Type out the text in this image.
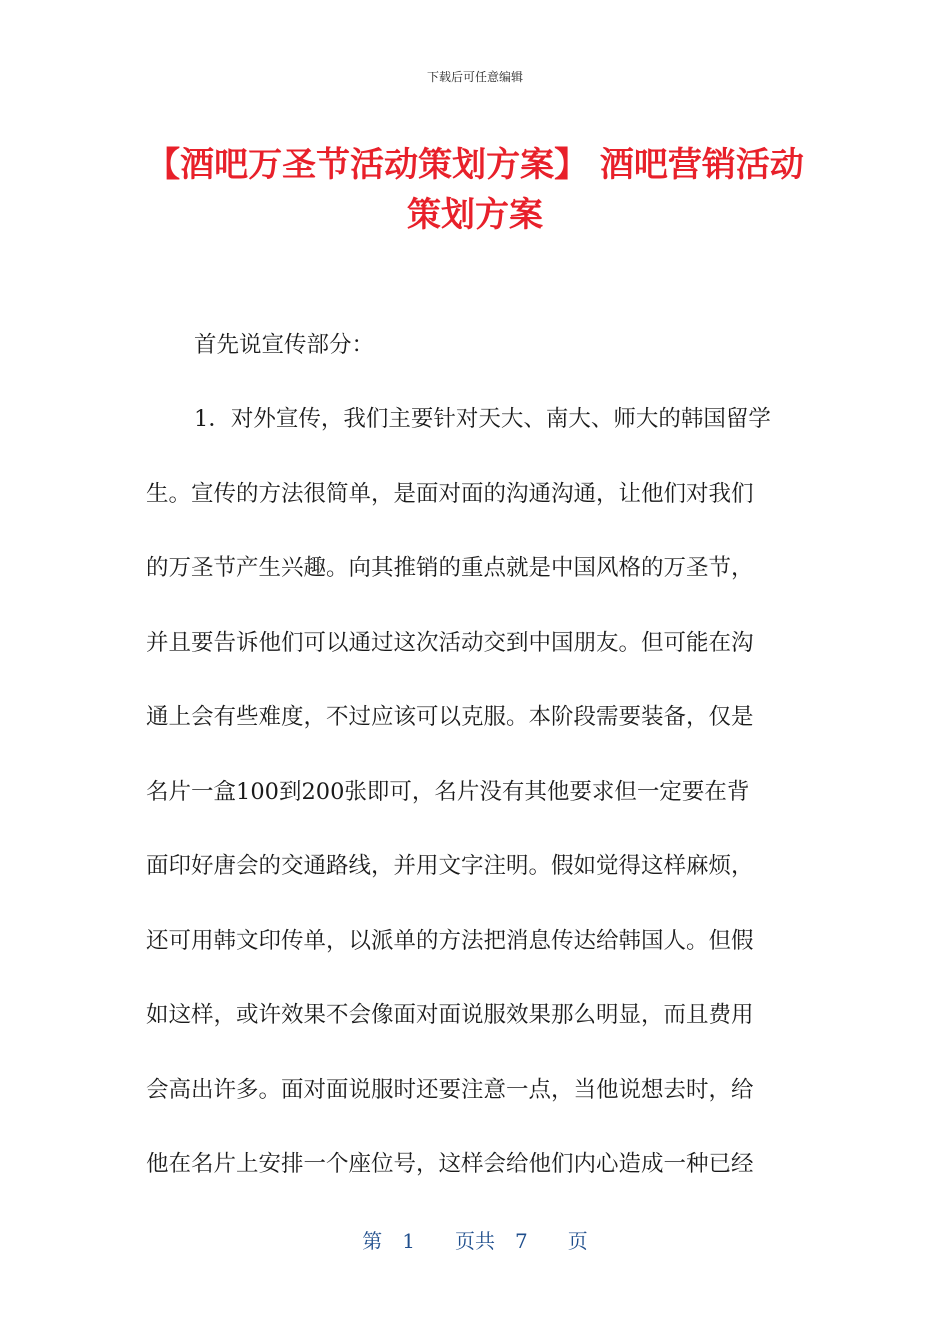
下载后可任意编辑
【酒吧万圣节活动策划方案】 酒吧营销活动策划方案
首先说宣传部分：
1．对外宣传，我们主要针对天大、南大、师大的韩国留学
生。宣传的方法很简单，是面对面的沟通沟通，让他们对我们
的万圣节产生兴趣。向其推销的重点就是中国风格的万圣节，
并且要告诉他们可以通过这次活动交到中国朋友。但可能在沟
通上会有些难度，不过应该可以克服。本阶段需要装备，仅是
名片一盒100到200张即可，名片没有其他要求但一定要在背
面印好唐会的交通路线，并用文字注明。假如觉得这样麻烦，
还可用韩文印传单，以派单的方法把消息传达给韩国人。但假
如这样，或许效果不会像面对面说服效果那么明显，而且费用
会高出许多。面对面说服时还要注意一点，当他说想去时，给
他在名片上安排一个座位号，这样会给他们内心造成一种已经
第　1　　页共　7　　页
